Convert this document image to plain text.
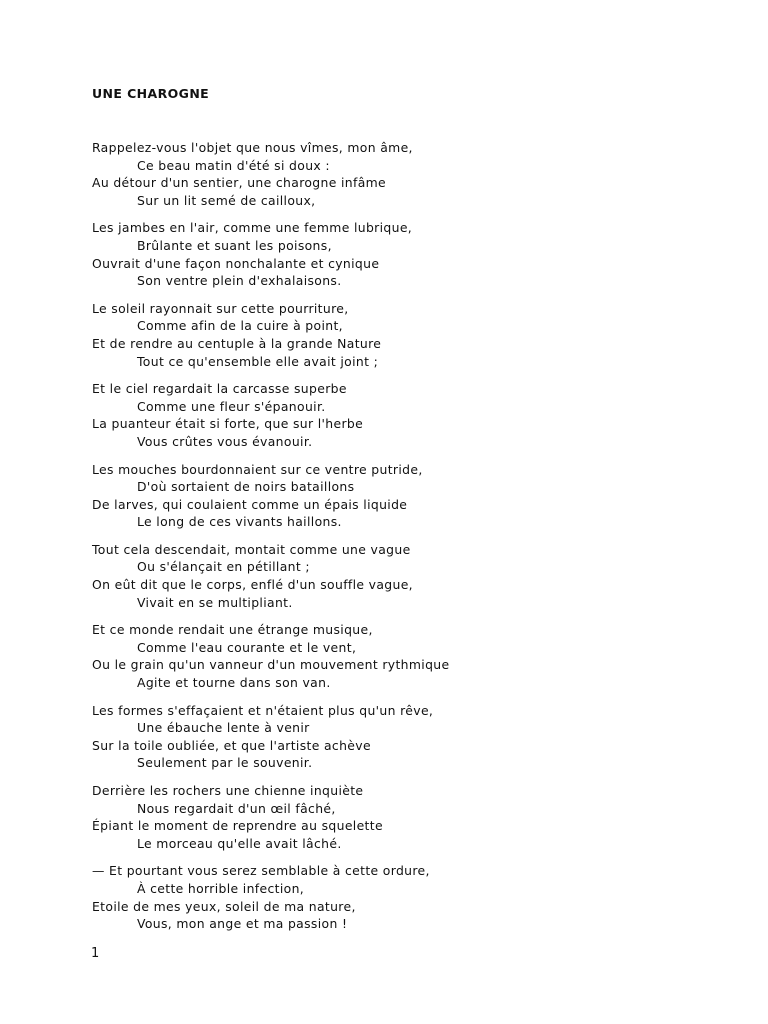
UNE CHAROGNE
Rappelez-vous l'objet que nous vîmes, mon âme,
Ce beau matin d'été si doux :
Au détour d'un sentier, une charogne infâme
Sur un lit semé de cailloux,
Les jambes en l'air, comme une femme lubrique,
Brûlante et suant les poisons,
Ouvrait d'une façon nonchalante et cynique
Son ventre plein d'exhalaisons.
Le soleil rayonnait sur cette pourriture,
Comme afin de la cuire à point,
Et de rendre au centuple à la grande Nature
Tout ce qu'ensemble elle avait joint ;
Et le ciel regardait la carcasse superbe
Comme une fleur s'épanouir.
La puanteur était si forte, que sur l'herbe
Vous crûtes vous évanouir.
Les mouches bourdonnaient sur ce ventre putride,
D'où sortaient de noirs bataillons
De larves, qui coulaient comme un épais liquide
Le long de ces vivants haillons.
Tout cela descendait, montait comme une vague
Ou s'élançait en pétillant ;
On eût dit que le corps, enflé d'un souffle vague,
Vivait en se multipliant.
Et ce monde rendait une étrange musique,
Comme l'eau courante et le vent,
Ou le grain qu'un vanneur d'un mouvement rythmique
Agite et tourne dans son van.
Les formes s'effaçaient et n'étaient plus qu'un rêve,
Une ébauche lente à venir
Sur la toile oubliée, et que l'artiste achève
Seulement par le souvenir.
Derrière les rochers une chienne inquiète
Nous regardait d'un œil fâché,
Épiant le moment de reprendre au squelette
Le morceau qu'elle avait lâché.
— Et pourtant vous serez semblable à cette ordure,
À cette horrible infection,
Etoile de mes yeux, soleil de ma nature,
Vous, mon ange et ma passion !
1
